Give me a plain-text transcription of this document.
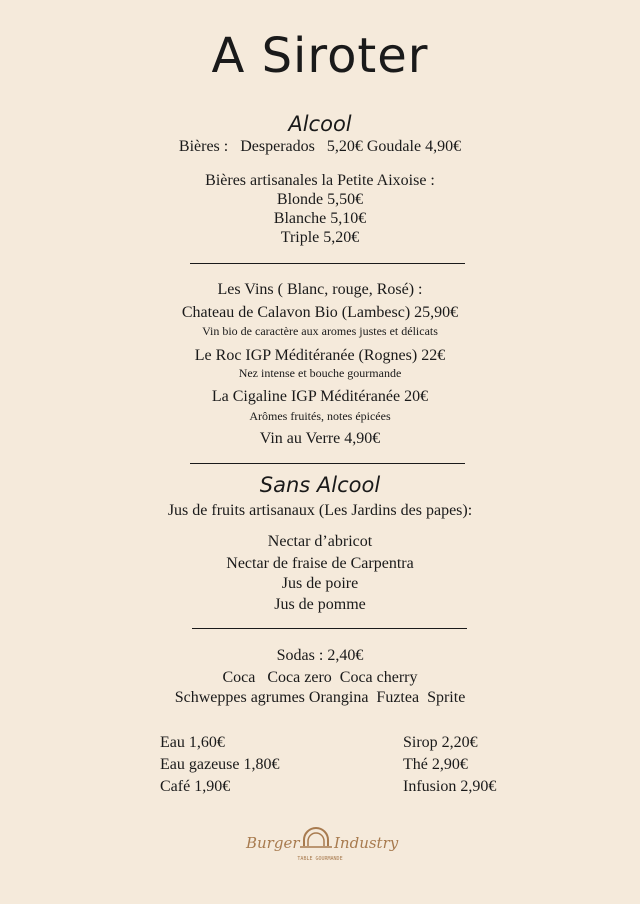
A Siroter
Alcool
Bières :   Desperados   5,20€ Goudale 4,90€
Bières artisanales la Petite Aixoise :
Blonde 5,50€
Blanche 5,10€
Triple 5,20€
Les Vins ( Blanc, rouge, Rosé) :
Chateau de Calavon Bio (Lambesc) 25,90€
Vin bio de caractère aux aromes justes et délicats
Le Roc IGP Méditéranée (Rognes) 22€
Nez intense et bouche gourmande
La Cigaline IGP Méditéranée 20€
Arômes fruités, notes épicées
Vin au Verre 4,90€
Sans Alcool
Jus de fruits artisanaux (Les Jardins des papes):
Nectar d’abricot
Nectar de fraise de Carpentra
Jus de poire
Jus de pomme
Sodas : 2,40€
Coca   Coca zero  Coca cherry
Schweppes agrumes Orangina  Fuztea  Sprite
Eau 1,60€
Eau gazeuse 1,80€
Café 1,90€
Sirop 2,20€
Thé 2,90€
Infusion 2,90€
Burger Industry
TABLE GOURMANDE
